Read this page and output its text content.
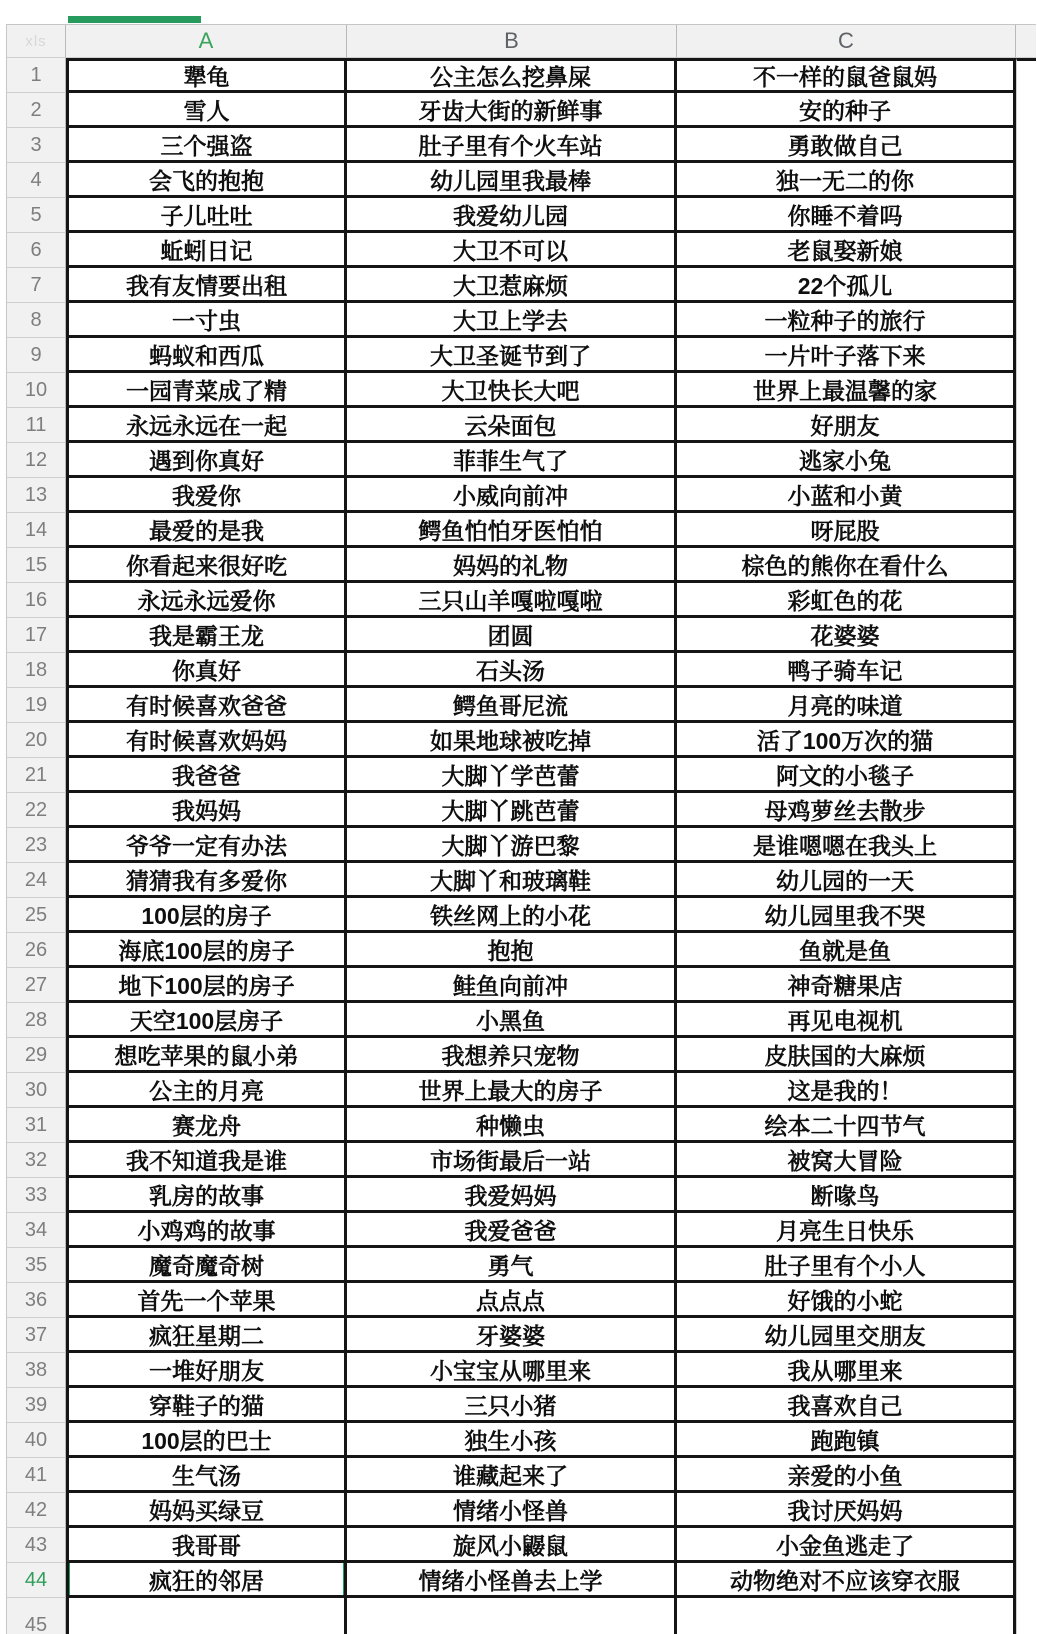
xls	A	B	C
1	犟龟	公主怎么挖鼻屎	不一样的鼠爸鼠妈
2	雪人	牙齿大街的新鲜事	安的种子
3	三个强盗	肚子里有个火车站	勇敢做自己
4	会飞的抱抱	幼儿园里我最棒	独一无二的你
5	子儿吐吐	我爱幼儿园	你睡不着吗
6	蚯蚓日记	大卫不可以	老鼠娶新娘
7	我有友情要出租	大卫惹麻烦	22个孤儿
8	一寸虫	大卫上学去	一粒种子的旅行
9	蚂蚁和西瓜	大卫圣诞节到了	一片叶子落下来
10	一园青菜成了精	大卫快长大吧	世界上最温馨的家
11	永远永远在一起	云朵面包	好朋友
12	遇到你真好	菲菲生气了	逃家小兔
13	我爱你	小威向前冲	小蓝和小黄
14	最爱的是我	鳄鱼怕怕牙医怕怕	呀屁股
15	你看起来很好吃	妈妈的礼物	棕色的熊你在看什么
16	永远永远爱你	三只山羊嘎啦嘎啦	彩虹色的花
17	我是霸王龙	团圆	花婆婆
18	你真好	石头汤	鸭子骑车记
19	有时候喜欢爸爸	鳄鱼哥尼流	月亮的味道
20	有时候喜欢妈妈	如果地球被吃掉	活了100万次的猫
21	我爸爸	大脚丫学芭蕾	阿文的小毯子
22	我妈妈	大脚丫跳芭蕾	母鸡萝丝去散步
23	爷爷一定有办法	大脚丫游巴黎	是谁嗯嗯在我头上
24	猜猜我有多爱你	大脚丫和玻璃鞋	幼儿园的一天
25	100层的房子	铁丝网上的小花	幼儿园里我不哭
26	海底100层的房子	抱抱	鱼就是鱼
27	地下100层的房子	鲑鱼向前冲	神奇糖果店
28	天空100层房子	小黑鱼	再见电视机
29	想吃苹果的鼠小弟	我想养只宠物	皮肤国的大麻烦
30	公主的月亮	世界上最大的房子	这是我的！
31	赛龙舟	种懒虫	绘本二十四节气
32	我不知道我是谁	市场街最后一站	被窝大冒险
33	乳房的故事	我爱妈妈	断喙鸟
34	小鸡鸡的故事	我爱爸爸	月亮生日快乐
35	魔奇魔奇树	勇气	肚子里有个小人
36	首先一个苹果	点点点	好饿的小蛇
37	疯狂星期二	牙婆婆	幼儿园里交朋友
38	一堆好朋友	小宝宝从哪里来	我从哪里来
39	穿鞋子的猫	三只小猪	我喜欢自己
40	100层的巴士	独生小孩	跑跑镇
41	生气汤	谁藏起来了	亲爱的小鱼
42	妈妈买绿豆	情绪小怪兽	我讨厌妈妈
43	我哥哥	旋风小鼹鼠	小金鱼逃走了
44	疯狂的邻居	情绪小怪兽去上学	动物绝对不应该穿衣服
45
